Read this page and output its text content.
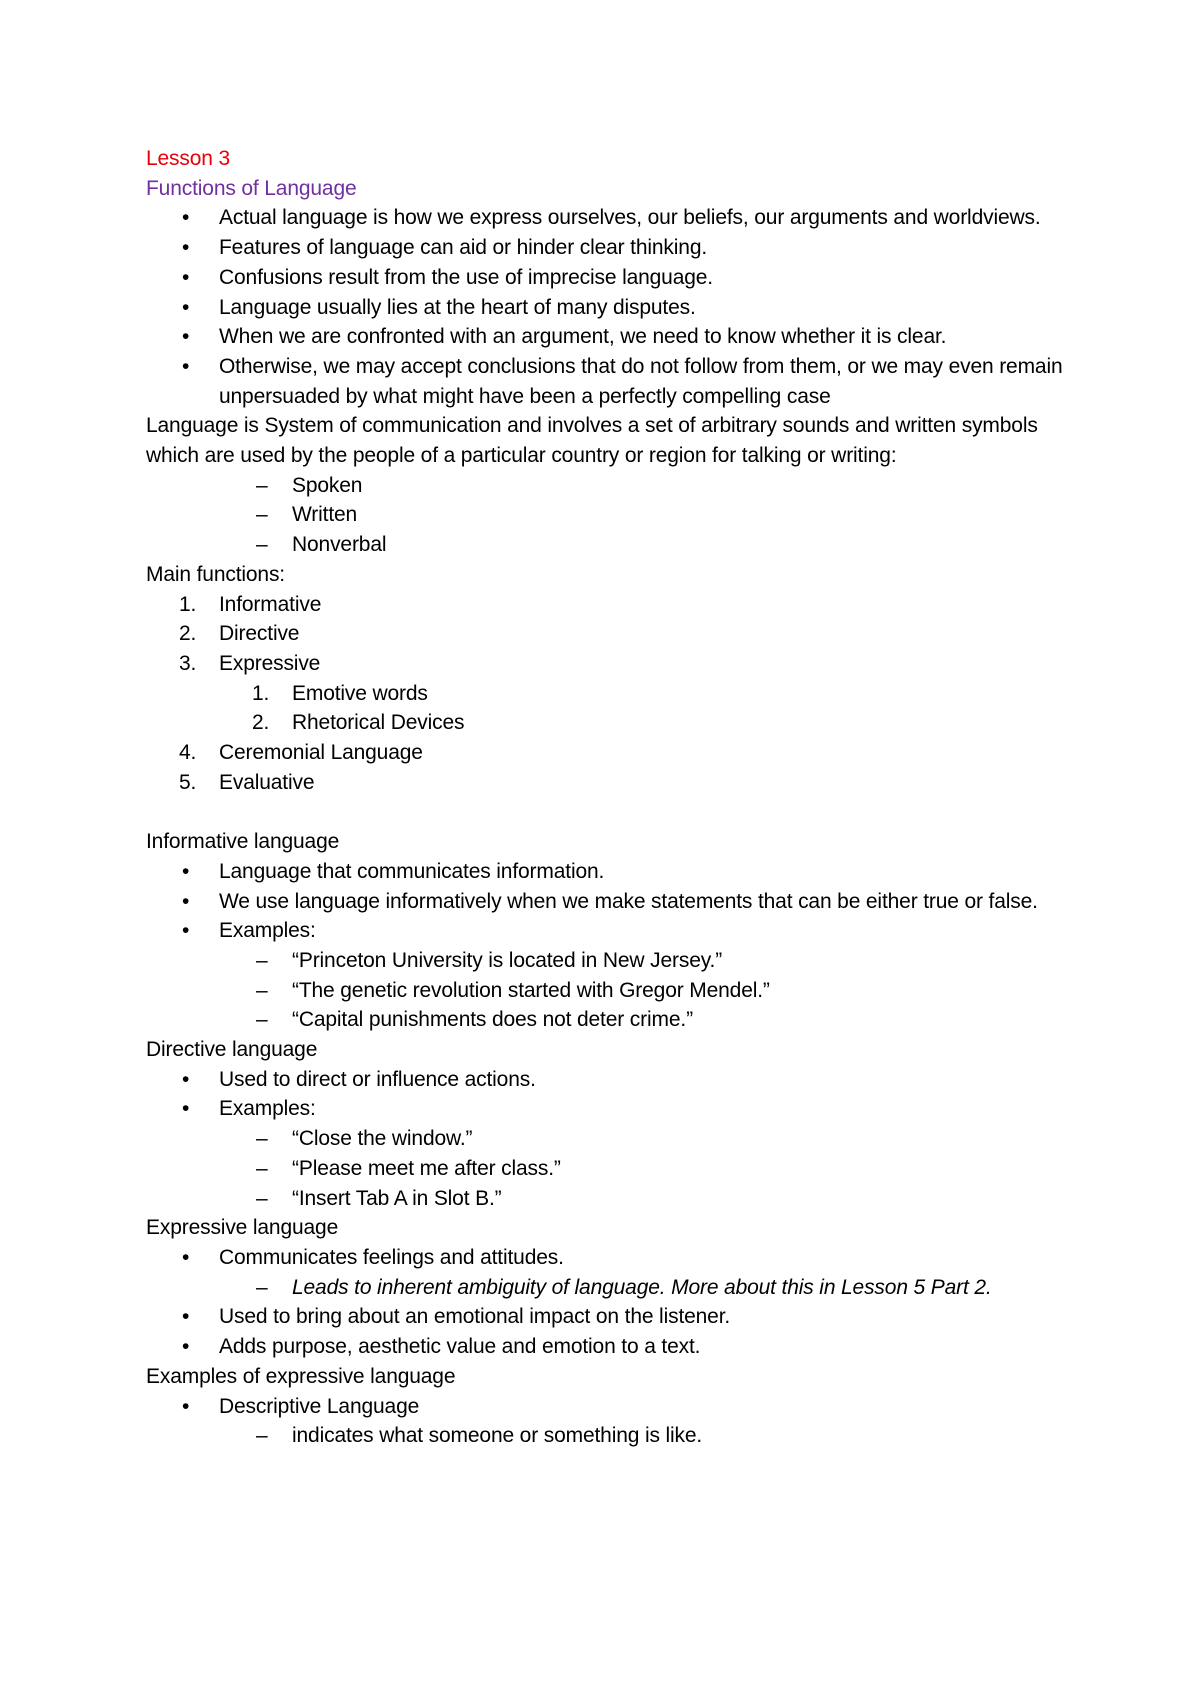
Lesson 3
Functions of Language
• Actual language is how we express ourselves, our beliefs, our arguments and worldviews.
• Features of language can aid or hinder clear thinking.
• Confusions result from the use of imprecise language.
• Language usually lies at the heart of many disputes.
• When we are confronted with an argument, we need to know whether it is clear.
• Otherwise, we may accept conclusions that do not follow from them, or we may even remain unpersuaded by what might have been a perfectly compelling case
Language is System of communication and involves a set of arbitrary sounds and written symbols which are used by the people of a particular country or region for talking or writing:
– Spoken
– Written
– Nonverbal
Main functions:
1. Informative
2. Directive
3. Expressive
1. Emotive words
2. Rhetorical Devices
4. Ceremonial Language
5. Evaluative
Informative language
• Language that communicates information.
• We use language informatively when we make statements that can be either true or false.
• Examples:
– “Princeton University is located in New Jersey.”
– “The genetic revolution started with Gregor Mendel.”
– “Capital punishments does not deter crime.”
Directive language
• Used to direct or influence actions.
• Examples:
– “Close the window.”
– “Please meet me after class.”
– “Insert Tab A in Slot B.”
Expressive language
• Communicates feelings and attitudes.
– Leads to inherent ambiguity of language. More about this in Lesson 5 Part 2.
• Used to bring about an emotional impact on the listener.
• Adds purpose, aesthetic value and emotion to a text.
Examples of expressive language
• Descriptive Language
– indicates what someone or something is like.
